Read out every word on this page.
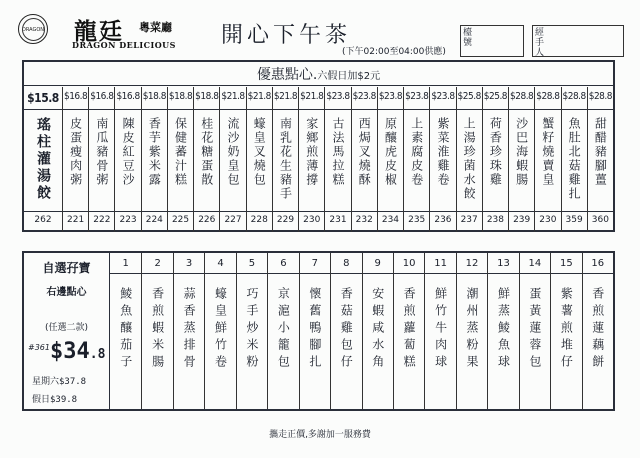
DRAGON 龍廷 粵菜廳
DRAGON DELICIOUS 開心下午茶
(下午02:00至04:00供應)
檯號
經手人
優惠點心.六假日加$2元
$15.8
瑤柱灌湯餃
262
$16.8
皮蛋瘦肉粥
221
$16.8
南瓜豬骨粥
222
$16.8
陳皮紅豆沙
223
$18.8
香芋紫米露
224
$18.8
保健蕃汁糕
225
$18.8
桂花糖蛋散
226
$21.8
流沙奶皇包
227
$21.8
蠔皇叉燒包
228
$21.8
南乳花生豬手
229
$21.8
家鄉煎薄撐
230
$23.8
古法馬拉糕
231
$23.8
西焗叉燒酥
232
$23.8
原釀虎皮椒
234
$23.8
上素腐皮卷
235
$23.8
紫菜淮雞卷
236
$25.8
上湯珍菌水餃
237
$25.8
荷香珍珠雞
238
$28.8
沙巴海蝦腸
239
$28.8
蟹籽燒賣皇
230
$28.8
魚肚北菇雞扎
359
$28.8
甜醋豬腳薑
360
自選孖寶
右邊點心
(任選二款)
#361 $34.8
星期六$37.8
假日$39.8
1
鯪魚釀茄子
2
香煎蝦米腸
3
蒜香蒸排骨
4
蠔皇鮮竹卷
5
巧手炒米粉
6
京滬小籠包
7
懷舊鴨腳扎
8
香菇雞包仔
9
安蝦咸水角
10
香煎蘿蔔糕
11
鮮竹牛肉球
12
潮州蒸粉果
13
鮮蒸鯪魚球
14
蛋黃蓮蓉包
15
紫薯煎堆仔
16
香煎蓮藕餅
攜走正價,多謝加一服務費
